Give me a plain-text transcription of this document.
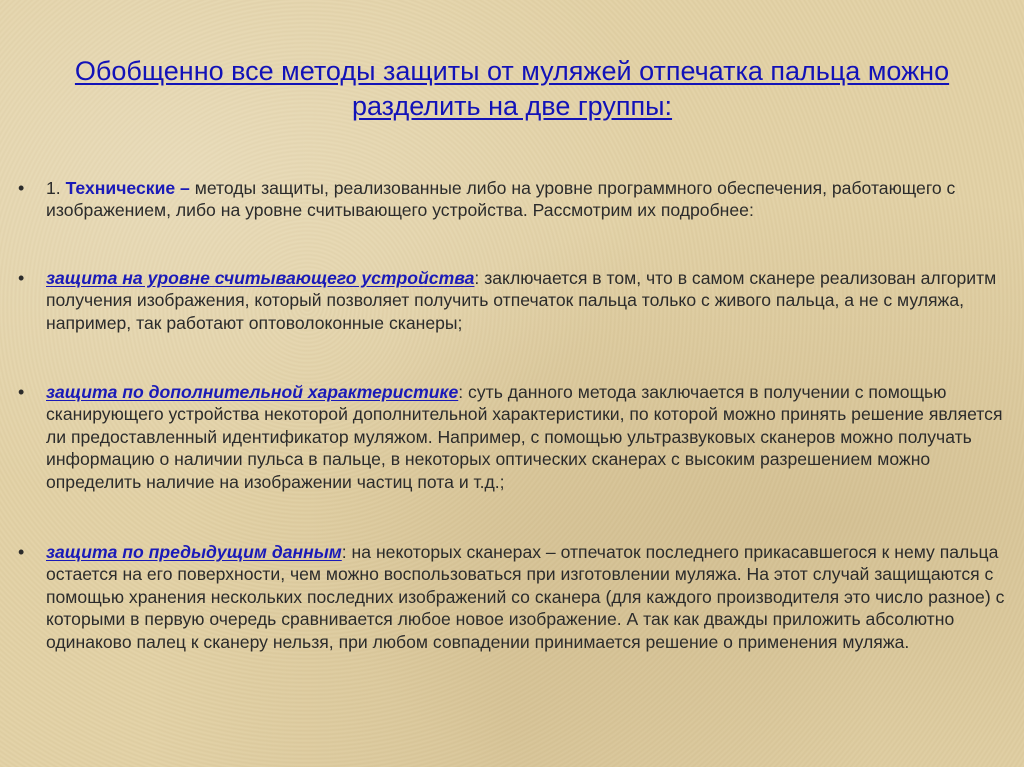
Обобщенно все методы защиты от муляжей отпечатка пальца можно разделить на две группы:
• 1. Технические – методы защиты, реализованные либо на уровне программного обеспечения, работающего с изображением, либо на уровне считывающего устройства. Рассмотрим их подробнее:

• защита на уровне считывающего устройства: заключается в том, что в самом сканере реализован алгоритм получения изображения, который позволяет получить отпечаток пальца только с живого пальца, а не с муляжа, например, так работают оптоволоконные сканеры;

• защита по дополнительной характеристике: суть данного метода заключается в получении с помощью сканирующего устройства некоторой дополнительной характеристики, по которой можно принять решение является ли предоставленный идентификатор муляжом. Например, с помощью ультразвуковых сканеров можно получать информацию о наличии пульса в пальце, в некоторых оптических сканерах с высоким разрешением можно определить наличие на изображении частиц пота и т.д.;

• защита по предыдущим данным: на некоторых сканерах – отпечаток последнего прикасавшегося к нему пальца остается на его поверхности, чем можно воспользоваться при изготовлении муляжа. На этот случай защищаются с помощью хранения нескольких последних изображений со сканера (для каждого производителя это число разное) с которыми в первую очередь сравнивается любое новое изображение. А так как дважды приложить абсолютно одинаково палец к сканеру нельзя, при любом совпадении принимается решение о применения муляжа.
